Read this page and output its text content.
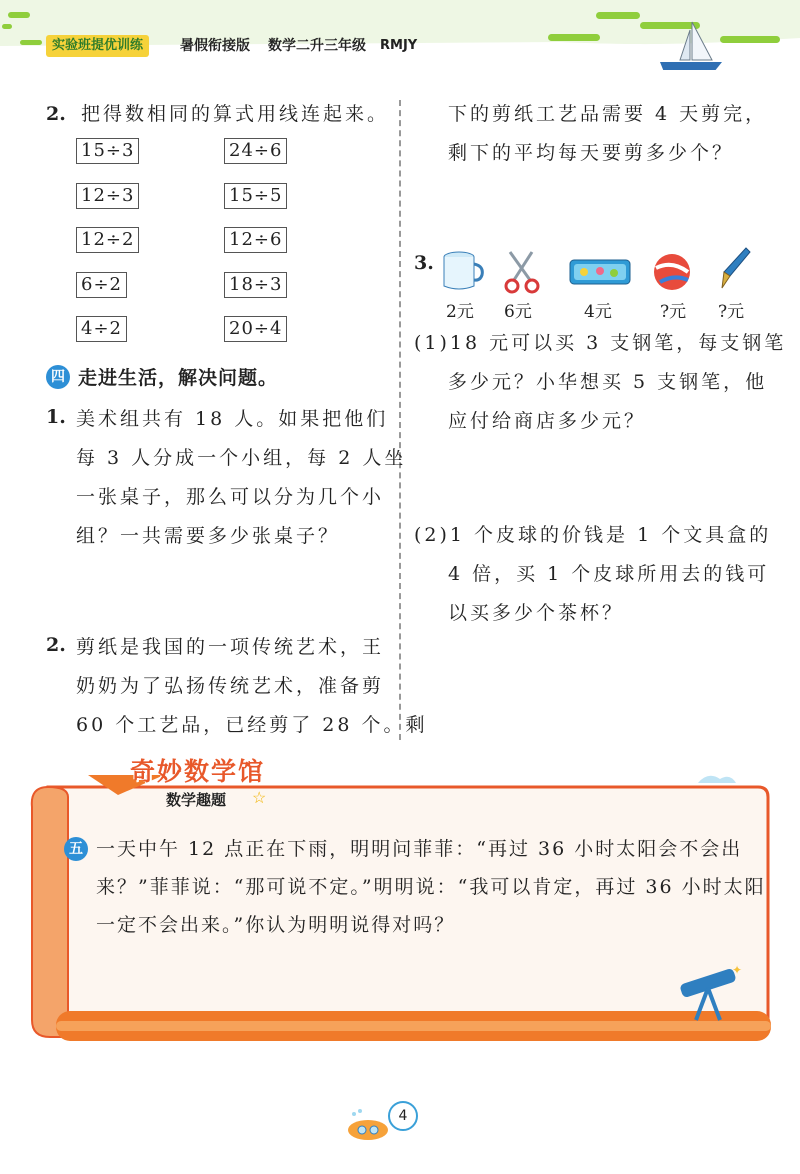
实验班提优训练	暑假衔接版 数学二升三年级 RMJY
2. 把得数相同的算式用线连起来。
15÷3
12÷3
12÷2
6÷2
4÷2
24÷6
15÷5
12÷6
18÷3
20÷4
四 走进生活，解决问题。
1. 美术组共有 18 人。如果把他们
每 3 人分成一个小组，每 2 人坐
一张桌子，那么可以分为几个小
组？一共需要多少张桌子？
2. 剪纸是我国的一项传统艺术，王
奶奶为了弘扬传统艺术，准备剪
60 个工艺品，已经剪了 28 个。剩
下的剪纸工艺品需要 4 天剪完，
剩下的平均每天要剪多少个？
3.
2元 6元	4元	?元 ?元
(1)18 元可以买 3 支钢笔，每支钢笔
多少元？小华想买 5 支钢笔，他
应付给商店多少元？
(2)1 个皮球的价钱是 1 个文具盒的
4 倍，买 1 个皮球所用去的钱可
以买多少个茶杯？
奇妙数学馆
数学趣题 ☆
五 一天中午 12 点正在下雨，明明问菲菲：“再过 36 小时太阳会不会出
来？”菲菲说：“那可说不定。”明明说：“我可以肯定，再过 36 小时太阳
一定不会出来。”你认为明明说得对吗？
✦
4
